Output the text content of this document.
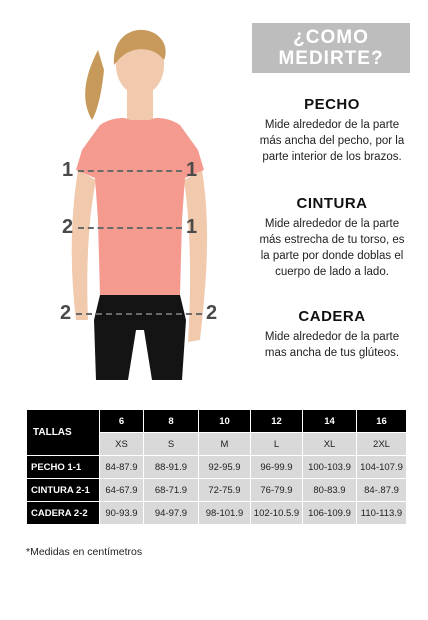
1	1
2	1
2	2
¿COMO
MEDIRTE?
PECHO

Mide alrededor de la parte más ancha del pecho, por la parte interior de los brazos.

CINTURA

Mide alrededor de la parte más estrecha de tu torso, es la parte por donde doblas el cuerpo de lado a lado.

CADERA

Mide alrededor de la parte mas ancha de tus glúteos.

TALLAS	6	8	10	12	14	16
	XS	S	M	L	XL	2XL
PECHO 1-1	84-87.9	88-91.9	92-95.9	96-99.9	100-103.9	104-107.9
CINTURA 2-1	64-67.9	68-71.9	72-75.9	76-79.9	80-83.9	84-.87.9
CADERA 2-2	90-93.9	94-97.9	98-101.9	102-10.5.9	106-109.9	110-113.9
*Medidas en centímetros
